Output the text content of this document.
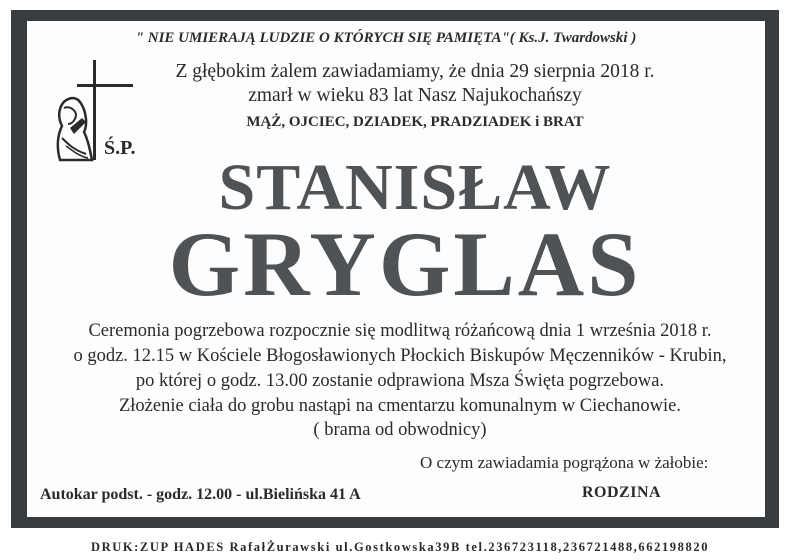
" NIE UMIERAJĄ LUDZIE O KTÓRYCH SIĘ PAMIĘTA"( Ks.J. Twardowski )
Z głębokim żalem zawiadamiamy, że dnia 29 sierpnia 2018 r.
zmarł w wieku 83 lat Nasz Najukochańszy
MĄŻ, OJCIEC, DZIADEK, PRADZIADEK i BRAT
Ś.P.
STANISŁAW
GRYGLAS
Ceremonia pogrzebowa rozpocznie się modlitwą różańcową dnia 1 września 2018 r.
o godz. 12.15 w Kościele Błogosławionych Płockich Biskupów Męczenników - Krubin,
po której o godz. 13.00 zostanie odprawiona Msza Święta pogrzebowa.
Złożenie ciała do grobu nastąpi na cmentarzu komunalnym w Ciechanowie.
( brama od obwodnicy)
O czym zawiadamia pogrążona w żałobie:
Autokar podst. - godz. 12.00 - ul.Bielińska 41 A	RODZINA
DRUK:ZUP HADES RafałŻurawski ul.Gostkowska39B tel.236723118,236721488,662198820
